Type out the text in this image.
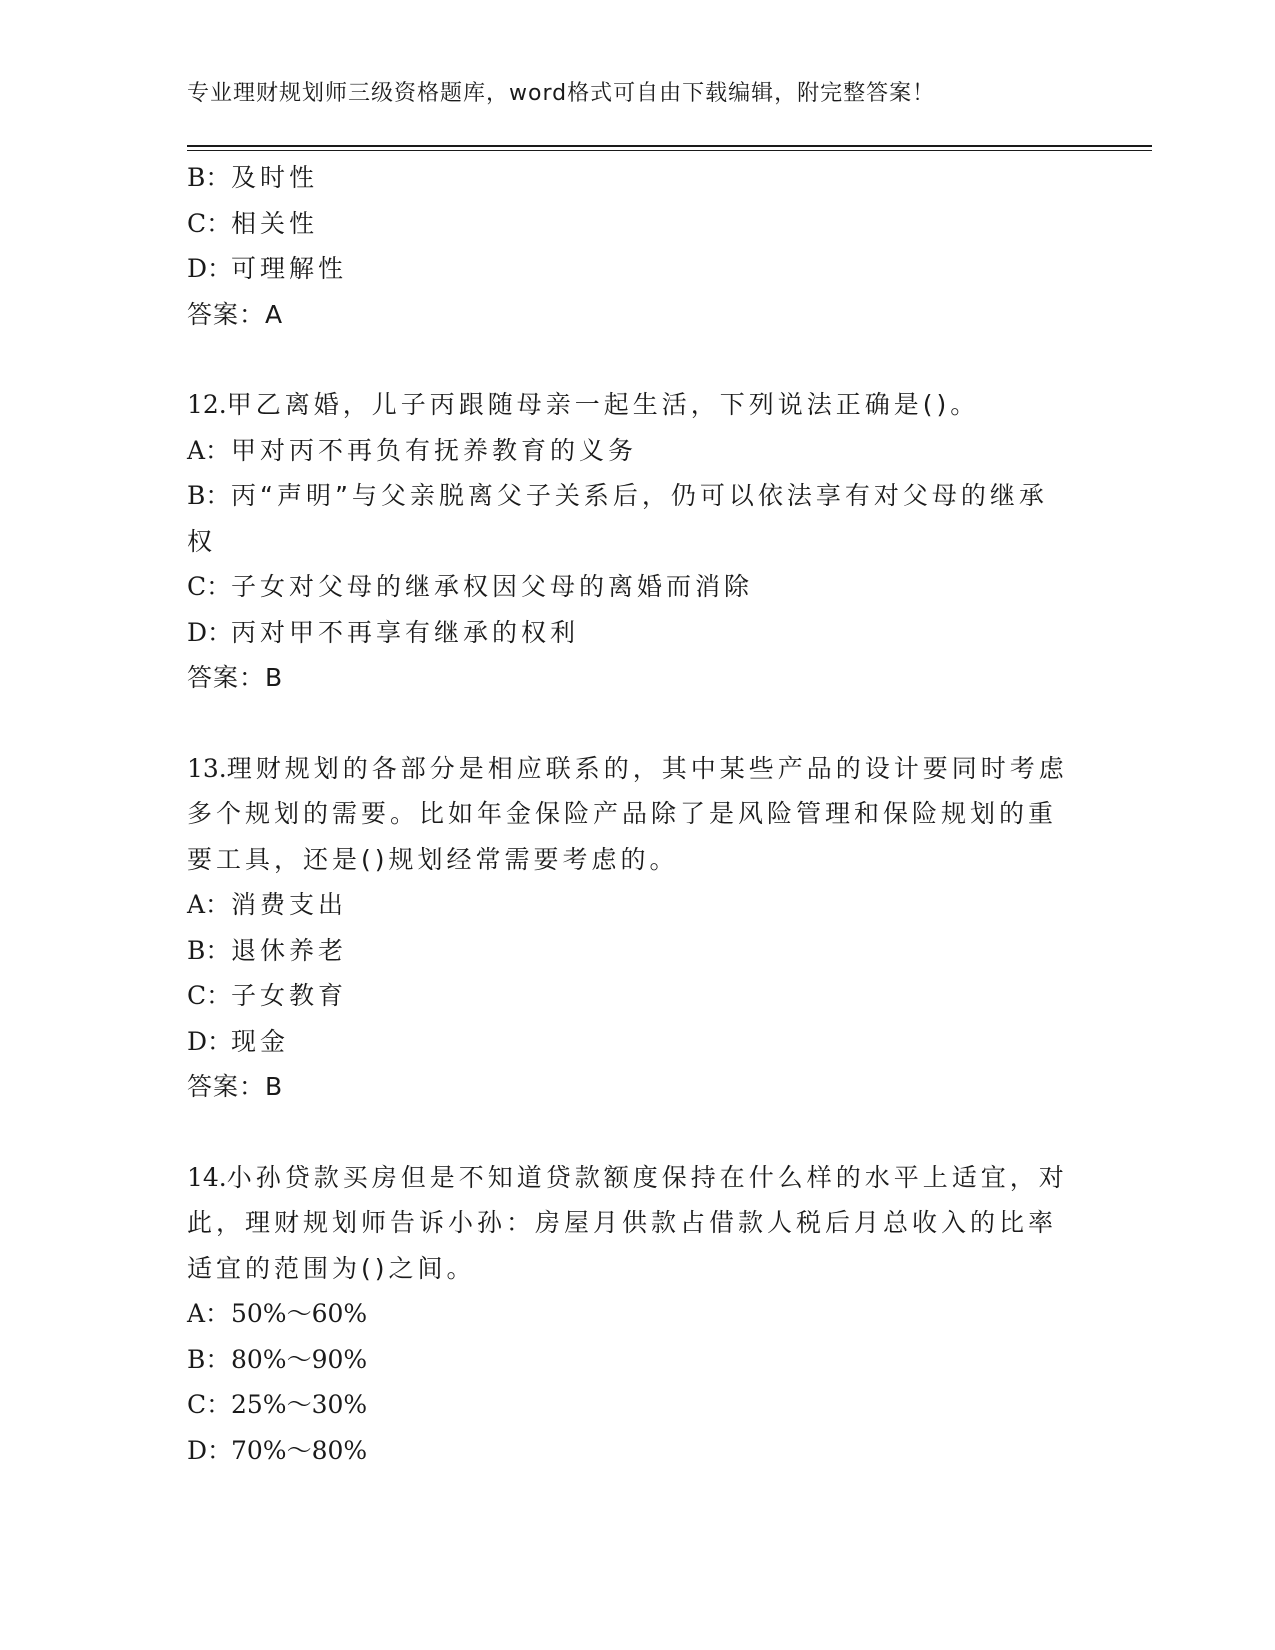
专业理财规划师三级资格题库，word格式可自由下载编辑，附完整答案！
B： 及时性
C： 相关性
D：
可理解性
答案： A
12.甲乙离婚，儿子丙跟随母亲一起生活，下列说法正确是()。
A： 甲对丙不再负有抚养教育的义务
B： 丙“声明”与父亲脱离父子关系后，仍可以依法享有对父母的继承
权
C： 子女对父母的继承权因父母的离婚而消除
D：
丙对甲不再享有继承的权利
答案： B
13.理财规划的各部分是相应联系的，其中某些产品的设计要同时考虑
多个规划的需要。比如年金保险产品除了是风险管理和保险规划的重
要工具，还是()规划经常需要考虑的。
A： 消费支出
B： 退休养老
C： 子女教育
D：
现金
答案： B
14.小孙贷款买房但是不知道贷款额度保持在什么样的水平上适宜，对
此，理财规划师告诉小孙：房屋月供款占借款人税后月总收入的比率
适宜的范围为()之间。
A： 50%～60%
B： 80%～90%
C： 25%～30%
D：
70%～80%
